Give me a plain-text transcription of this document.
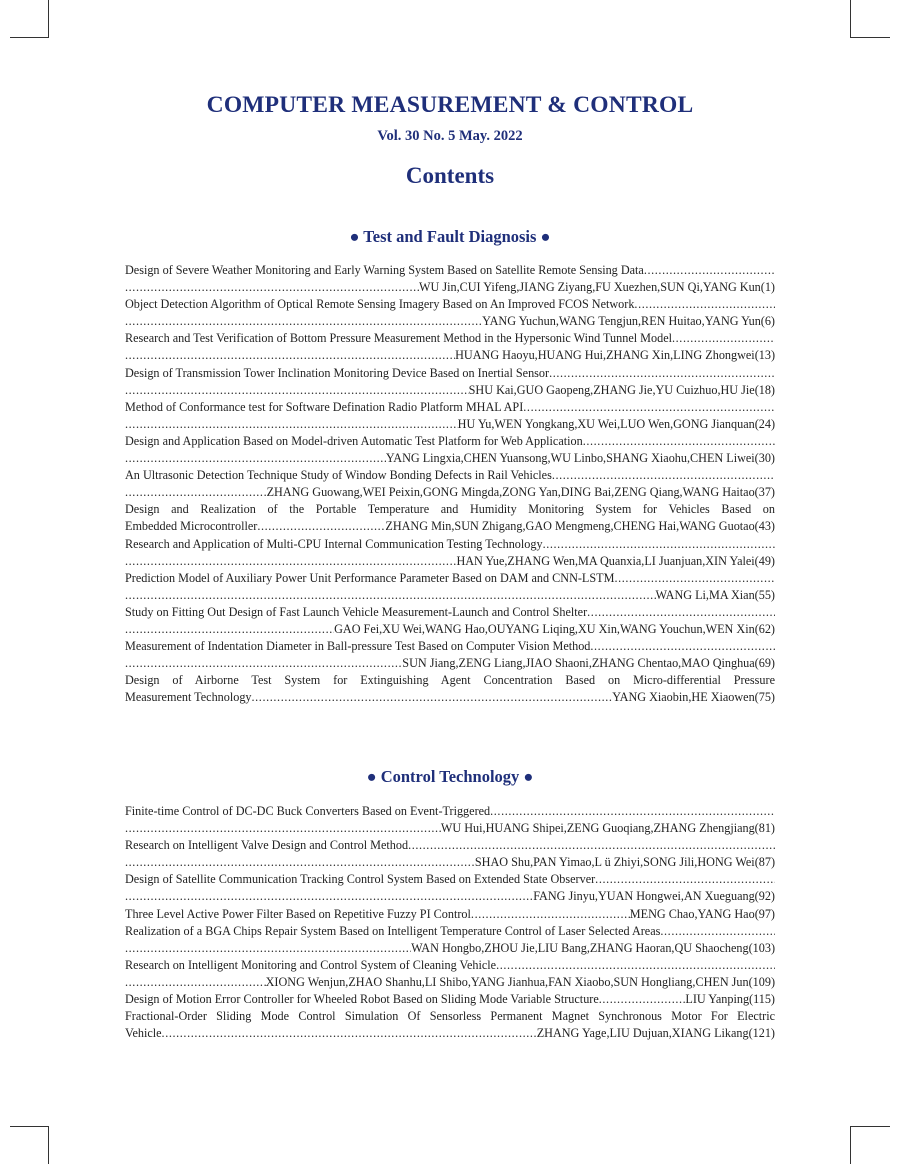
COMPUTER MEASUREMENT & CONTROL
Vol. 30 No. 5 May. 2022
Contents
● Test and Fault Diagnosis ●
Design of Severe Weather Monitoring and Early Warning System Based on Satellite Remote Sensing Data
.....
.....
WU Jin,CUI Yifeng,JIANG Ziyang,FU Xuezhen,SUN Qi,YANG Kun(1)
Object Detection Algorithm of Optical Remote Sensing Imagery Based on An Improved FCOS Network
.....
.....
YANG Yuchun,WANG Tengjun,REN Huitao,YANG Yun(6)
Research and Test Verification of Bottom Pressure Measurement Method in the Hypersonic Wind Tunnel Model
.....
.....
HUANG Haoyu,HUANG Hui,ZHANG Xin,LING Zhongwei(13)
Design of Transmission Tower Inclination Monitoring Device Based on Inertial Sensor
.....
.....
SHU Kai,GUO Gaopeng,ZHANG Jie,YU Cuizhuo,HU Jie(18)
Method of Conformance test for Software Defination Radio Platform MHAL API
.....
.....
HU Yu,WEN Yongkang,XU Wei,LUO Wen,GONG Jianquan(24)
Design and Application Based on Model-driven Automatic Test Platform for Web Application
.....
.....
YANG Lingxia,CHEN Yuansong,WU Linbo,SHANG Xiaohu,CHEN Liwei(30)
An Ultrasonic Detection Technique Study of Window Bonding Defects in Rail Vehicles
.....
.....
ZHANG Guowang,WEI Peixin,GONG Mingda,ZONG Yan,DING Bai,ZENG Qiang,WANG Haitao(37)
Design and Realization of the Portable Temperature and Humidity Monitoring System for Vehicles Based on
Embedded Microcontroller .....	ZHANG Min,SUN Zhigang,GAO Mengmeng,CHENG Hai,WANG Guotao(43)
Research and Application of Multi-CPU Internal Communication Testing Technology
.....
.....
HAN Yue,ZHANG Wen,MA Quanxia,LI Juanjuan,XIN Yalei(49)
Prediction Model of Auxiliary Power Unit Performance Parameter Based on DAM and CNN-LSTM
.....
.....
WANG Li,MA Xian(55)
Study on Fitting Out Design of Fast Launch Vehicle Measurement-Launch and Control Shelter
.....
.....
GAO Fei,XU Wei,WANG Hao,OUYANG Liqing,XU Xin,WANG Youchun,WEN Xin(62)
Measurement of Indentation Diameter in Ball-pressure Test Based on Computer Vision Method
.....
.....
SUN Jiang,ZENG Liang,JIAO Shaoni,ZHANG Chentao,MAO Qinghua(69)
Design of Airborne Test System for Extinguishing Agent Concentration Based on Micro-differential Pressure
Measurement Technology .....	YANG Xiaobin,HE Xiaowen(75)
● Control Technology ●
Finite-time Control of DC-DC Buck Converters Based on Event-Triggered
.....
.....
WU Hui,HUANG Shipei,ZENG Guoqiang,ZHANG Zhengjiang(81)
Research on Intelligent Valve Design and Control Method
.....
.....
SHAO Shu,PAN Yimao,L ü Zhiyi,SONG Jili,HONG Wei(87)
Design of Satellite Communication Tracking Control System Based on Extended State Observer
.....
.....
FANG Jinyu,YUAN Hongwei,AN Xueguang(92)
Three Level Active Power Filter Based on Repetitive Fuzzy PI Control .....	MENG Chao,YANG Hao(97)
Realization of a BGA Chips Repair System Based on Intelligent Temperature Control of Laser Selected Areas
.....
.....
WAN Hongbo,ZHOU Jie,LIU Bang,ZHANG Haoran,QU Shaocheng(103)
Research on Intelligent Monitoring and Control System of Cleaning Vehicle
.....
.....
XIONG Wenjun,ZHAO Shanhu,LI Shibo,YANG Jianhua,FAN Xiaobo,SUN Hongliang,CHEN Jun(109)
Design of Motion Error Controller for Wheeled Robot Based on Sliding Mode Variable Structure .....	LIU Yanping(115)
Fractional-Order Sliding Mode Control Simulation Of Sensorless Permanent Magnet Synchronous Motor For Electric
Vehicle .....	ZHANG Yage,LIU Dujuan,XIANG Likang(121)
